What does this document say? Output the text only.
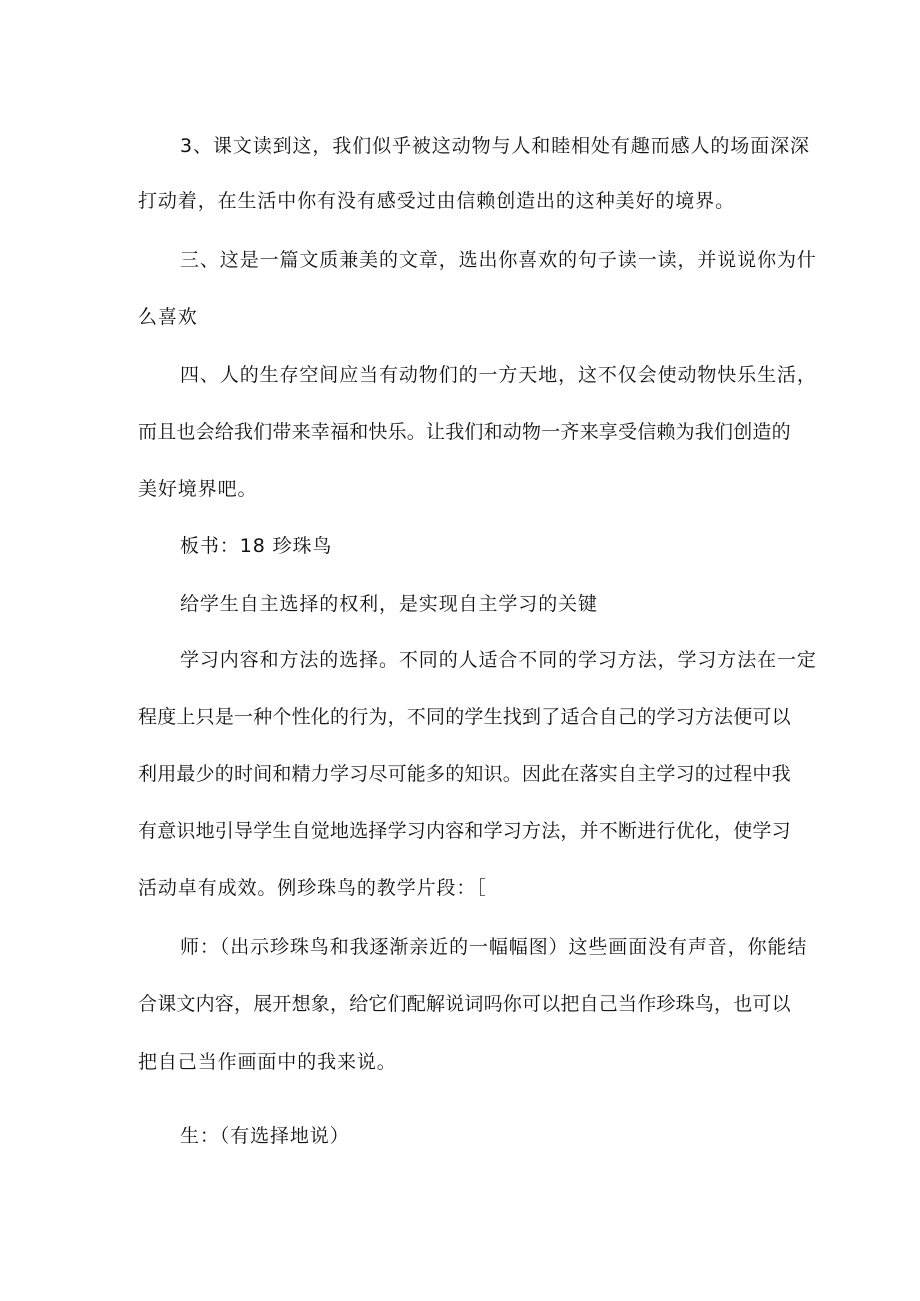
3、课文读到这，我们似乎被这动物与人和睦相处有趣而感人的场面深深

打动着，在生活中你有没有感受过由信赖创造出的这种美好的境界。

三、这是一篇文质兼美的文章，选出你喜欢的句子读一读，并说说你为什

么喜欢

四、人的生存空间应当有动物们的一方天地，这不仅会使动物快乐生活，

而且也会给我们带来幸福和快乐。让我们和动物一齐来享受信赖为我们创造的

美好境界吧。

板书：18 珍珠鸟

给学生自主选择的权利，是实现自主学习的关键

学习内容和方法的选择。不同的人适合不同的学习方法，学习方法在一定

程度上只是一种个性化的行为，不同的学生找到了适合自己的学习方法便可以

利用最少的时间和精力学习尽可能多的知识。因此在落实自主学习的过程中我

有意识地引导学生自觉地选择学习内容和学习方法，并不断进行优化，使学习

活动卓有成效。例珍珠鸟的教学片段：［

师：（出示珍珠鸟和我逐渐亲近的一幅幅图）这些画面没有声音，你能结

合课文内容，展开想象，给它们配解说词吗你可以把自己当作珍珠鸟，也可以

把自己当作画面中的我来说。

生：（有选择地说）
